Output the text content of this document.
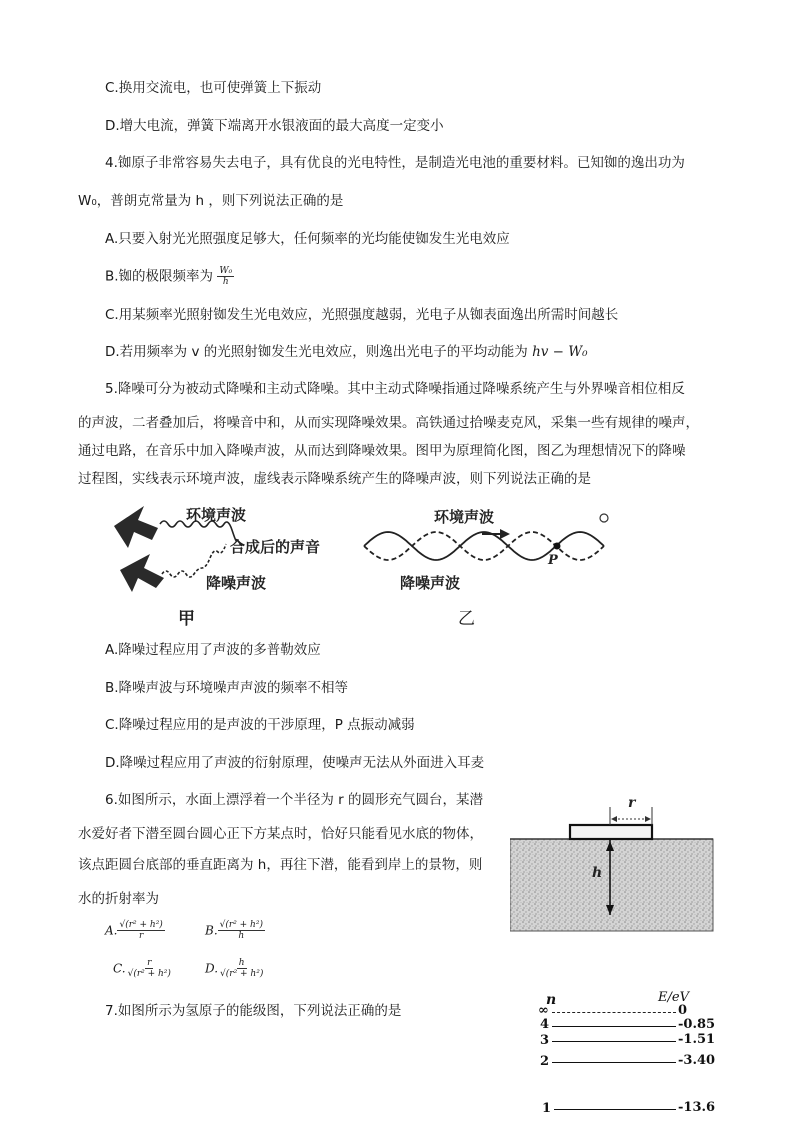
C.换用交流电，也可使弹簧上下振动
D.增大电流，弹簧下端离开水银液面的最大高度一定变小
4.铷原子非常容易失去电子，具有优良的光电特性，是制造光电池的重要材料。已知铷的逸出功为
W₀，普朗克常量为 h ，则下列说法正确的是
A.只要入射光光照强度足够大，任何频率的光均能使铷发生光电效应
B.铷的极限频率为 $\frac{\text{W₀}}{h}$
C.用某频率光照射铷发生光电效应，光照强度越弱，光电子从铷表面逸出所需时间越长
D.若用频率为 v 的光照射铷发生光电效应，则逸出光电子的平均动能为 hv − W₀
5.降噪可分为被动式降噪和主动式降噪。其中主动式降噪指通过降噪系统产生与外界噪音相位相反
的声波，二者叠加后，将噪音中和，从而实现降噪效果。高铁通过拾噪麦克风，采集一些有规律的噪声，
通过电路，在音乐中加入降噪声波，从而达到降噪效果。图甲为原理简化图，图乙为理想情况下的降噪
过程图，实线表示环境声波，虚线表示降噪系统产生的降噪声波，则下列说法正确的是
环境声波
合成后的声音
降噪声波
甲
环境声波
P
降噪声波
乙
A.降噪过程应用了声波的多普勒效应
B.降噪声波与环境噪声声波的频率不相等
C.降噪过程应用的是声波的干涉原理，P 点振动减弱
D.降噪过程应用了声波的衍射原理，使噪声无法从外面进入耳麦
6.如图所示，水面上漂浮着一个半径为 r 的圆形充气圆台，某潜
水爱好者下潜至圆台圆心正下方某点时，恰好只能看见水底的物体，
该点距圆台底部的垂直距离为 h，再往下潜，能看到岸上的景物，则
水的折射率为
A. $\frac{\text{√(r² + h²)}}{r}$	B. $\frac{\text{√(r² + h²)}}{h}$
C. $\frac{r}{\text{√(r² + h²)}}$	D. $\frac{h}{\text{√(r² + h²)}}$
r
h
7.如图所示为氢原子的能级图，下列说法正确的是
n	E/eV
∞	0
4	-0.85
3	-1.51
2	-3.40
1	-13.6
